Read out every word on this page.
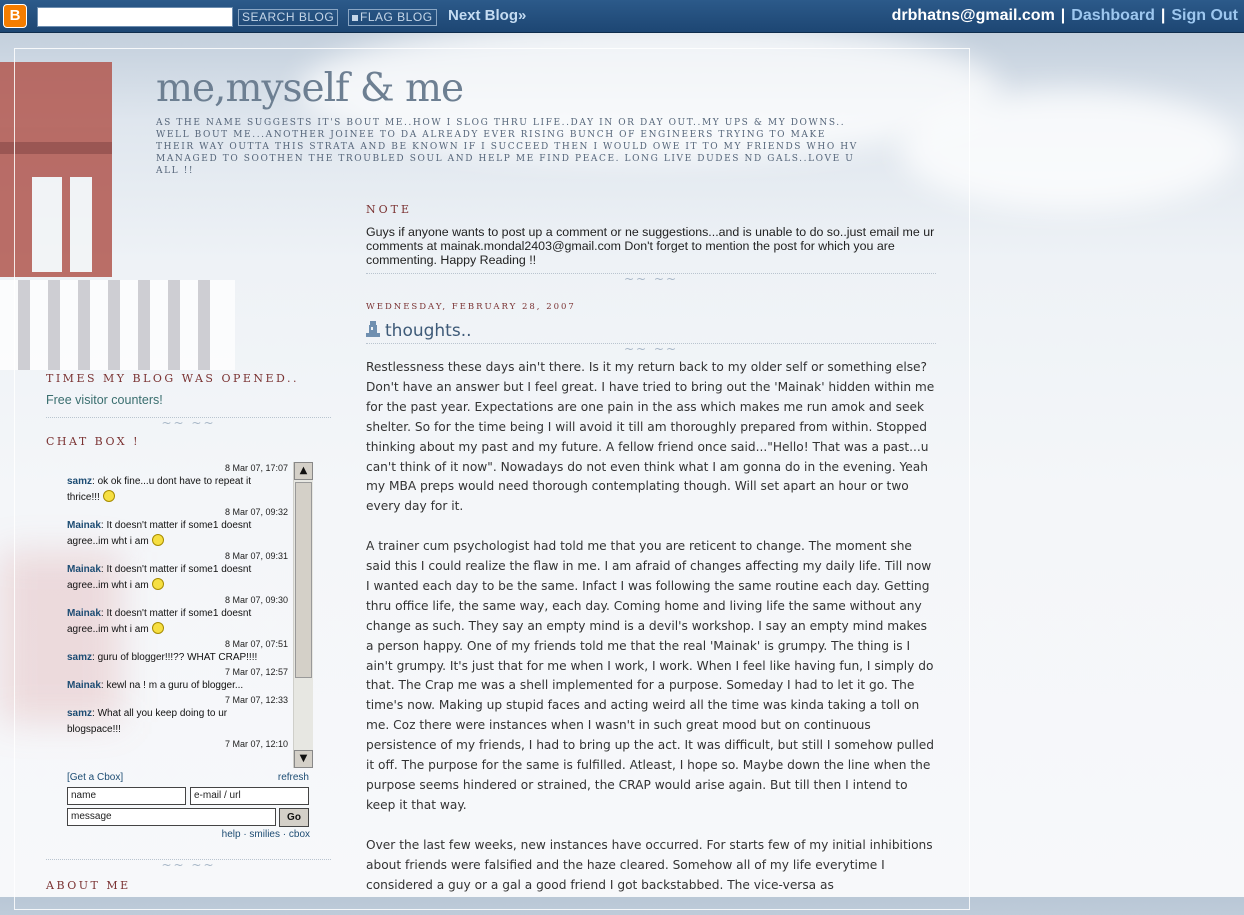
B	SEARCH BLOG	FLAG BLOG Next Blog»	drbhatns@gmail.com | Dashboard | Sign Out
me,myself & me
AS THE NAME SUGGESTS IT'S BOUT ME..HOW I SLOG THRU LIFE..DAY IN OR DAY OUT..MY UPS & MY DOWNS.. WELL BOUT ME...ANOTHER JOINEE TO DA ALREADY EVER RISING BUNCH OF ENGINEERS TRYING TO MAKE THEIR WAY OUTTA THIS STRATA AND BE KNOWN IF I SUCCEED THEN I WOULD OWE IT TO MY FRIENDS WHO HV MANAGED TO SOOTHEN THE TROUBLED SOUL AND HELP ME FIND PEACE. LONG LIVE DUDES ND GALS..LOVE U ALL !!
NOTE
Guys if anyone wants to post up a comment or ne suggestions...and is unable to do so..just email me ur comments at mainak.mondal2403@gmail.com Don't forget to mention the post for which you are commenting. Happy Reading !!
~~ ~~
WEDNESDAY, FEBRUARY 28, 2007
thoughts..
~~ ~~

Restlessness these days ain't there. Is it my return back to my older self or something else? Don't have an answer but I feel great. I have tried to bring out the 'Mainak' hidden within me for the past year. Expectations are one pain in the ass which makes me run amok and seek shelter. So for the time being I will avoid it till am thoroughly prepared from within. Stopped thinking about my past and my future. A fellow friend once said..."Hello! That was a past...u can't think of it now". Nowadays do not even think what I am gonna do in the evening. Yeah my MBA preps would need thorough contemplating though. Will set apart an hour or two every day for it.

A trainer cum psychologist had told me that you are reticent to change. The moment she said this I could realize the flaw in me. I am afraid of changes affecting my daily life. Till now I wanted each day to be the same. Infact I was following the same routine each day. Getting thru office life, the same way, each day. Coming home and living life the same without any change as such. They say an empty mind is a devil's workshop. I say an empty mind makes a person happy. One of my friends told me that the real 'Mainak' is grumpy. The thing is I ain't grumpy. It's just that for me when I work, I work. When I feel like having fun, I simply do that. The Crap me was a shell implemented for a purpose. Someday I had to let it go. The time's now. Making up stupid faces and acting weird all the time was kinda taking a toll on me. Coz there were instances when I wasn't in such great mood but on continuous persistence of my friends, I had to bring up the act. It was difficult, but still I somehow pulled it off. The purpose for the same is fulfilled. Atleast, I hope so. Maybe down the line when the purpose seems hindered or strained, the CRAP would arise again. But till then I intend to keep it that way.

Over the last few weeks, new instances have occurred. For starts few of my initial inhibitions about friends were falsified and the haze cleared. Somehow all of my life everytime I considered a guy or a gal a good friend I got backstabbed. The vice-versa as

TIMES MY BLOG WAS OPENED..
Free visitor counters!
~~ ~~
CHAT BOX !
8 Mar 07, 17:07
samz: ok ok fine...u dont have to repeat it
thrice!!!
8 Mar 07, 09:32
Mainak: It doesn't matter if some1 doesnt
agree..im wht i am
8 Mar 07, 09:31
Mainak: It doesn't matter if some1 doesnt
agree..im wht i am
8 Mar 07, 09:30
Mainak: It doesn't matter if some1 doesnt
agree..im wht i am
8 Mar 07, 07:51
samz: guru of blogger!!!?? WHAT CRAP!!!!
7 Mar 07, 12:57
Mainak: kewl na ! m a guru of blogger...
7 Mar 07, 12:33
samz: What all you keep doing to ur
blogspace!!!
7 Mar 07, 12:10
▲
▼
[Get a Cbox]	refresh
name	e-mail / url
message	Go
help · smilies · cbox
~~ ~~
ABOUT ME
